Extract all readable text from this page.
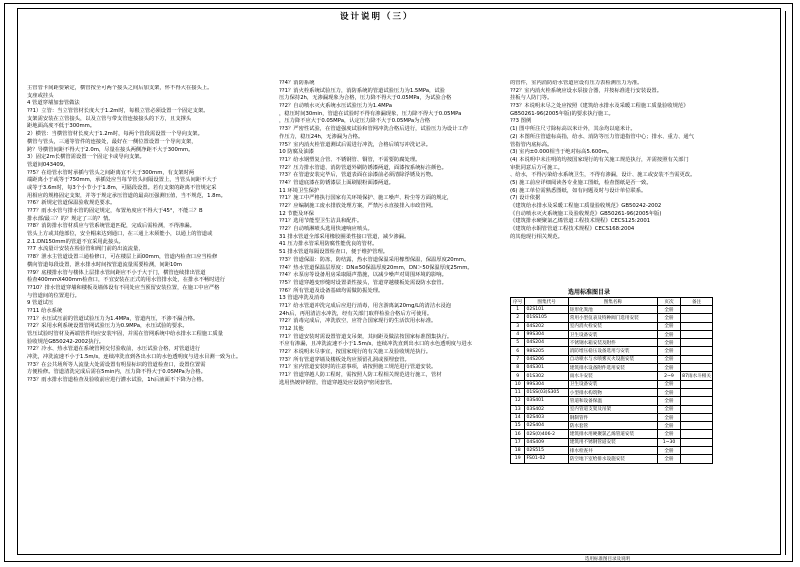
设计说明（三）
主管管卡间距要紧定，横管按全可两个接头之间后加支架，怀不得大在接头上。
支座或挂头
4 管道穿墙加套管做法
??1）立管：当立管管材长度大于1.2m时，每根立管必须设置一个固定支架。
支架需安装在立管接头，以及立管与带支管连接接头的下方，且支撑头
距地面高度不低于300mm。
2）横管：当横管管材长度大于1.2m时，每两个管段需设置一个导向支架。
横管与管头，三通等管件的连接处，最好在一侧位置设置一个导向支架，
跨？导横管间距不得大于2.0m，尽量在接头两侧净距不大于300mm。
3）固定2m长横管需设置一个固定卡或导向支架。
管道间043409。
??5？在给管水管时承插与管头之间距离宜不大于300mm，有支架时两
端距离小于或等于750mm，承插处应当每节管头间隔设置上，当管头间距不大于
或等于3.6m时，每3个小节小于1.8m，可隔段设置。若有支架的距离不管规定采
用相应的规格固定支架，并等于规定承压管道的最高压强测压值，当不规范，1.8m。
??6？新规定管道保温验收规范要求。
??7？雨水水管与排水管的固定规定，布置角度应不得大于45°，不能三？B
排水部/最三？的？规定了三的？情。
??8？消防排水管材质应与管系统管道匹配，完成后需检测，不得渗漏。
管头上方或其他部位，安全帽来达到通口，在三通上末须能小，以通上的管道或
2.1.DN150mm的管道不宜采用此接头。
??7 水流量计安装在检验管和阀门前的出流流量，
??8？泄水主管道设置三通检修口，可在楼层上面00mm，管道内检查口应当检修
横向管道每段设置，泄水排水时间按管道流量需要检测，间距10m
??9？底楼排水管与楼体上层排水管间距应不小于大于门，横管连续排出管道
检查400mmX400mm检查口，不宜安装在正式的用水管排水处，在排水不畅时进行
??10？排水管道穿墙和楼板及墙体设有不同处应当预留安装位置，在施工中应严格
与管道间的位置进行。
9 管道试压
??11 给水系统
??1？水压试压前的管道试验压力为1.4MPa，管道内压，不渗不漏合格。
??2？采用水利系统设置管网试验压力为0.9MPa，水压试验的要求。
管压试验时管材及两端管件均应安装牢固，并需在管网系统中给水排水工程施工质量
验收规范GB50242-2002执行。
??2？冷水、热水管道在系统管网交付验收前，水压试验合格，对管道进行
冲洗，冲洗流速不小于1.5m/s，连续冲洗直到各出水口的水色透明度与进水目测一致为止。
??3？在公共场所等人流量大处需设置有明显标识的管道检查口，设置位置需
方便检修。管道清洗完成后需在5min内，压力降不得大于0.05MPa为合格。
??3？雨水排水管道检查及验收前应进行灌水试验，1h后液面不下降为合格。
??4？消防系统
??1？消火栓系统试验压力，消防系统的管道试验压力为1.5MPa，试验
压力保持2h，无渗漏现象为合格，压力降不得大于0.05MPa，为试验合格
??2？自动喷水灭火系统水压试验压力为1.4MPa
，稳压时间30min，管道在试验时不得有渗漏现象，压力降不得大于0.05MPa
，压力降不应大于0.05MPa，认定压力降不大于0.05MPa为合格
??3？严密性试验，在管道强度试验和管网冲洗合格后进行，试验压力为设计工作
作压力，稳压24h，无渗漏为合格。
??5？室内消火栓管道测试后需进行冲洗，合格后填写冲洗记录。
10 防腐及油漆
??1？给水钢塑复合管、不锈钢管、铜管，不需要防腐处理。
??2？压力排水管道、消防管道外刷防锈漆两道，面漆按系统标注颜色。
??3？在管道安装完毕后，管道表面在涂漆前必须清除浮锈及污物。
??4？管道底漆在防锈漆层上面刷银粉面漆两道。
11 环境卫生保护
??1？施工中严格执行国家有关环境保护、施工噪声、粉尘等方面的规定，
??2？应编制施工废水排放处理方案，严禁污水直接排入市政管网。
12 节能及环保
??1？选用节能型卫生洁具和配件。
??2？自动喷淋喷头选用快速响应喷头。
31 排水管道全部采用橡胶圈柔性接口管道，减少渗漏。
41 压力排水管采用防腐性能优良的管材。
51 排水管道每隔设置检查口，便于维护管理。
??3？管道保温：防冻，防结露，热水管道保温采用橡塑保温，保温厚度20mm。
??4？热水管道保温层厚度：DN≤50保温厚度20mm，DN＞50保温厚度25mm。
??4？水泵房等设备用房采取隔声措施，以减少噪声对周围环境的影响。
??5？管道穿越变形缝时设置柔性接头，管道穿越楼板处需设防水套管。
??6？所有管道及设备基础均需做防振处理。
13 管道冲洗及消毒
??1？给水管道冲洗完成后应进行消毒，用含游离氯20mg/L的清洁水浸泡
24h后，再用清洁水冲洗，经有关部门取样检验合格后方可使用。
??2？消毒完成后，冲洗放空，应符合国家现行的生活饮用水标准。
??12 其他
??1？管道安装时需设置管道支吊架，其间距及做法按国家标准图集执行。
不应有渗漏，且冲洗流速不小于1.5m/s，连续冲洗直到出水口的水色透明度与进水
??2？本说明未尽事宜，按国家现行的有关施工及验收规范执行。
??3？所有管道穿墙及楼板处均应预留孔洞或预埋套管。
??1？室内管道安装时的注意事项，请按照施工规范进行管道安装。
??1？管道穿越人防工程时，需按照人防工程相关规范进行施工，管材
选用热镀锌钢管，管道穿越处应设防护密闭套管。
的管件，室内消防给水管道应设有压力表检测压力为准。
??2？室内消火栓系统应设水泵接合器，并按标准进行安装设置。
挂板与人防门等。
??3？本说明未尽之处应按照《建筑给水排水及采暖工程施工质量验收规范》
GB50261-96(2005年版)的要求执行施工。
??3 图例
(1) 图中所注尺寸除标高以米计外，其余均以毫米计。
(2) 本图所注管道标高指，给水、消防等压力管道指管中心；排水、重力、通气
管指管内底标高。
(3) 室内±0.000相当于绝对标高5.600m。
(4) 本说明中未注明的均按国家现行的有关施工规范执行，并需按照有关部门
审批同意后方可施工。
、给水，不得污染给水系统卫生，不得有渗漏，设计、施工或安装不当需更改。
(5) 施工前应详细阅读各专业施工图纸，检查图纸是否一致。
(6) 施工单位需熟悉图纸，如有问题及时与设计单位联系。
(7) 设计依据
《建筑给水排水及采暖工程施工质量验收规范》GB50242-2002
《自动喷水灭火系统施工及验收规范》GB50261-96(2005年版)
《建筑排水硬聚氯乙烯管道工程技术规程》CECS125:2001
《建筑给水铜管管道工程技术规程》CECS168:2004
的其他现行相关规范。
选用标准图目录
序号	图集代号	图集名称	页次	备注
1	02S101	矩形化粪池	全册	
2	01SS105	常用小型仪表及特种阀门选用安装	全册	
3	04S202	室内消火栓安装	全册	
4	99S304	卫生设备安装	全册	
5	04S204	不锈钢水箱安装及附件	全册	
6	98S205	消防增压稳压设备选用与安装	全册	
7	04S206	自动喷水与水喷雾灭火设施安装	全册	
8	04S301	建筑排水设备附件选用安装	全册	
9	01S302	雨水斗安装	2~9	87雨水斗相关
10	99S304	卫生设备安装	全册	
11	01SS(03)S305	小型排水构筑物	全册	
12	03S401	管道和设备保温	全册	
13	03S402	室内管道支架及吊架	全册	
14	02S403	钢制管件	全册	
15	02S404	防水套管	全册	
16	02S(0)406-2	建筑排水用硬聚氯乙烯管道安装	全册	
17	04S409	建筑用不锈钢管道安装	1~30	
18	02S515	排水检查井	全册	
19	FS01-02	防空地下室给排水设施安装	全册	
选用标准图目录及说明
